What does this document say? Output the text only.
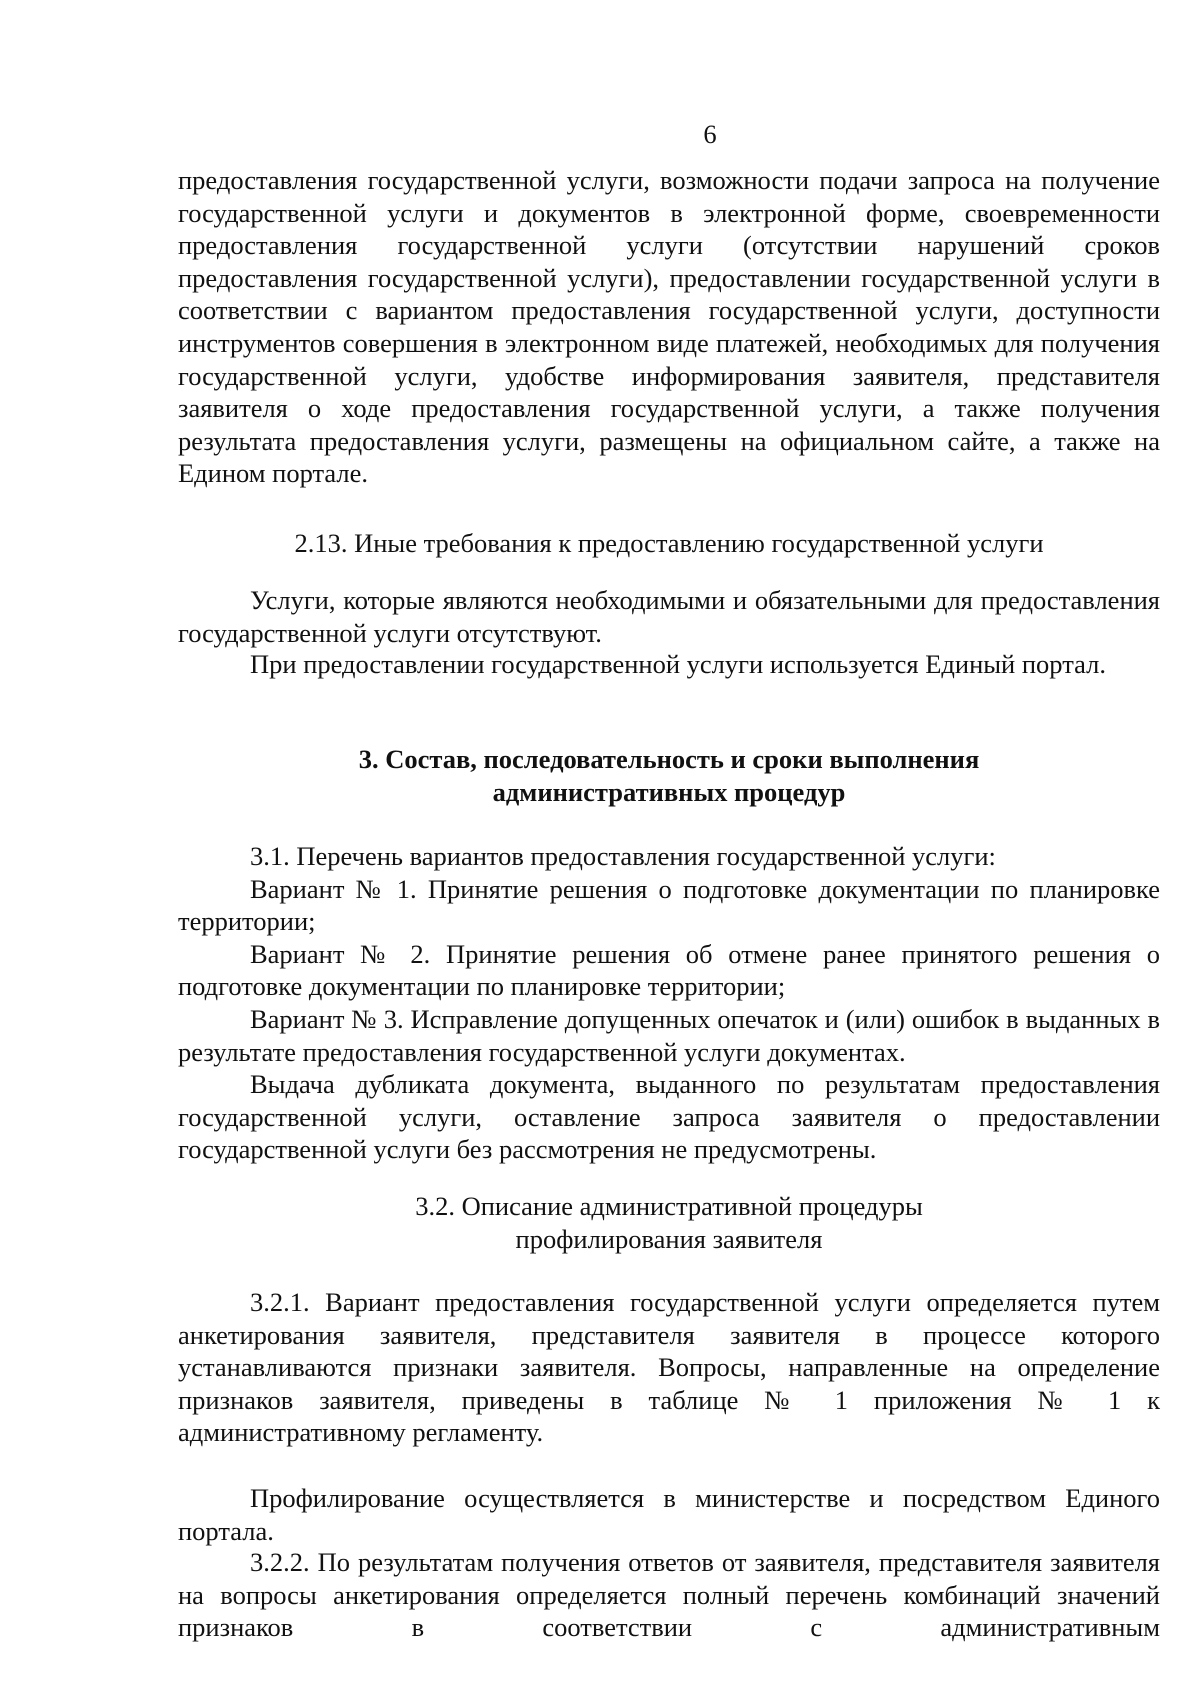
6

предоставления государственной услуги, возможности подачи запроса на получение государственной услуги и документов в электронной форме, своевременности предоставления государственной услуги (отсутствии нарушений сроков предоставления государственной услуги), предоставлении государственной услуги в соответствии с вариантом предоставления государственной услуги, доступности инструментов совершения в электронном виде платежей, необходимых для получения государственной услуги, удобстве информирования заявителя, представителя заявителя о ходе предоставления государственной услуги, а также получения результата предоставления услуги, размещены на официальном сайте, а также на Едином портале.

2.13. Иные требования к предоставлению государственной услуги

Услуги, которые являются необходимыми и обязательными для предоставления государственной услуги отсутствуют.

При предоставлении государственной услуги используется Единый портал.

3. Состав, последовательность и сроки выполнения

административных процедур

3.1. Перечень вариантов предоставления государственной услуги:

Вариант № 1. Принятие решения о подготовке документации по планировке территории;

Вариант № 2. Принятие решения об отмене ранее принятого решения о подготовке документации по планировке территории;

Вариант № 3. Исправление допущенных опечаток и (или) ошибок в выданных в результате предоставления государственной услуги документах.

Выдача дубликата документа, выданного по результатам предоставления государственной услуги, оставление запроса заявителя о предоставлении государственной услуги без рассмотрения не предусмотрены.

3.2. Описание административной процедуры

профилирования заявителя

3.2.1. Вариант предоставления государственной услуги определяется путем анкетирования заявителя, представителя заявителя в процессе которого устанавливаются признаки заявителя. Вопросы, направленные на определение признаков заявителя, приведены в таблице № 1 приложения № 1 к административному регламенту.

Профилирование осуществляется в министерстве и посредством Единого портала.

3.2.2. По результатам получения ответов от заявителя, представителя заявителя на вопросы анкетирования определяется полный перечень комбинаций значений признаков в соответствии с административным
